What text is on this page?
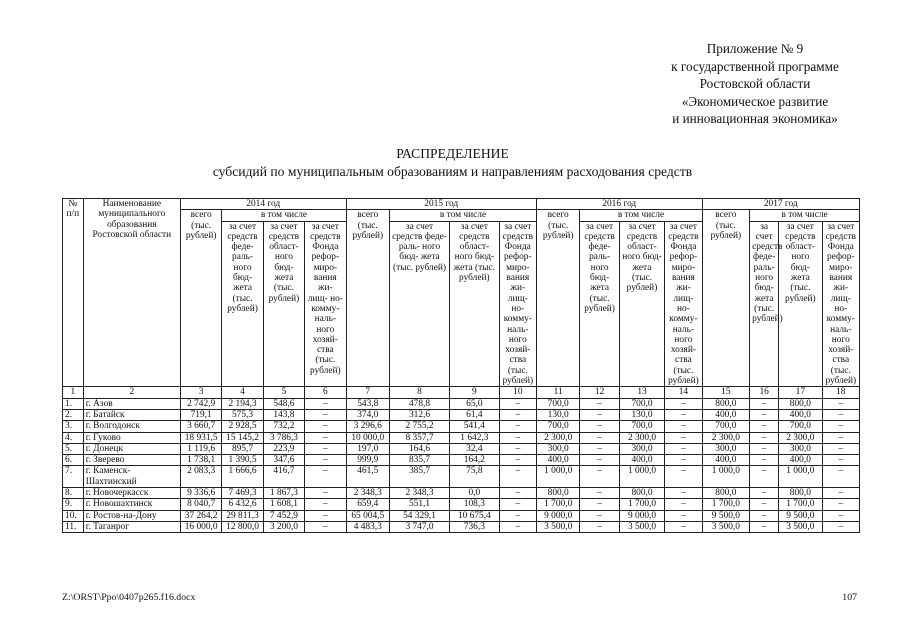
Приложение № 9
к государственной программе
Ростовской области
«Экономическое развитие
и инновационная экономика»
РАСПРЕДЕЛЕНИЕ
субсидий по муниципальным образованиям и направлениям расходования средств
№ п/п	Наименование муниципального образования Ростовской области	2014 год				2015 год				2016 год				2017 год			
		всего (тыс. рублей)	в том числе			всего (тыс. рублей)	в том числе			всего (тыс. рублей)	в том числе			всего (тыс. рублей)	в том числе		
			за счет средств феде- раль- ного бюд- жета (тыс. рублей)	за счет средств област- ного бюд- жета (тыс. рублей)	за счет средств Фонда рефор- миро- вания жи- лищ- но- комму- наль- ного хозяй- ства (тыс. рублей)		за счет средств феде- раль- ного бюд- жета (тыс. рублей)	за счет средств област- ного бюд- жета (тыс. рублей)	за счет средств Фонда рефор- миро- вания жи- лищ- но- комму- наль- ного хозяй- ства (тыс. рублей)		за счет средств феде- раль- ного бюд- жета (тыс. рублей)	за счет средств област- ного бюд- жета (тыс. рублей)	за счет средств Фонда рефор- миро- вания жи- лищ- но- комму- наль- ного хозяй- ства (тыс. рублей)		за счет средств феде- раль- ного бюд- жета (тыс. рублей)	за счет средств област- ного бюд- жета (тыс. рублей)	за счет средств Фонда рефор- миро- вания жи- лищ- но- комму- наль- ного хозяй- ства (тыс. рублей)
1	2	3	4	5	6	7	8	9	10	11	12	13	14	15	16	17	18
1.	г. Азов	2 742,9	2 194,3	548,6	–	543,8	478,8	65,0	–	700,0	–	700,0	–	800,0	–	800,0	–
2.	г. Батайск	719,1	575,3	143,8	–	374,0	312,6	61,4	–	130,0	–	130,0	–	400,0	–	400,0	–
3.	г. Волгодонск	3 660,7	2 928,5	732,2	–	3 296,6	2 755,2	541,4	–	700,0	–	700,0	–	700,0	–	700,0	–
4.	г. Гуково	18 931,5	15 145,2	3 786,3	–	10 000,0	8 357,7	1 642,3	–	2 300,0	–	2 300,0	–	2 300,0	–	2 300,0	–
5.	г. Донецк	1 119,6	895,7	223,9	–	197,0	164,6	32,4	–	300,0	–	300,0	–	300,0	–	300,0	–
6.	г. Зверево	1 738,1	1 390,5	347,6	–	999,9	835,7	164,2	–	400,0	–	400,0	–	400,0	–	400,0	–
7.	г. Каменск-Шахтинский	2 083,3	1 666,6	416,7	–	461,5	385,7	75,8	–	1 000,0	–	1 000,0	–	1 000,0	–	1 000,0	–
8.	г. Новочеркасск	9 336,6	7 469,3	1 867,3	–	2 348,3	2 348,3	0,0	–	800,0	–	800,0	–	800,0	–	800,0	–
9.	г. Новошахтинск	8 040,7	6 432,6	1 608,1	–	659,4	551,1	108,3	–	1 700,0	–	1 700,0	–	1 700,0	–	1 700,0	–
10.	г. Ростов-на-Дону	37 264,2	29 811,3	7 452,9	–	65 004,5	54 329,1	10 675,4	–	9 000,0	–	9 000,0	–	9 500,0	–	9 500,0	–
11.	г. Таганрог	16 000,0	12 800,0	3 200,0	–	4 483,3	3 747,0	736,3	–	3 500,0	–	3 500,0	–	3 500,0	–	3 500,0	–
Z:\ORST\Ppo\0407p265.f16.docx	107
